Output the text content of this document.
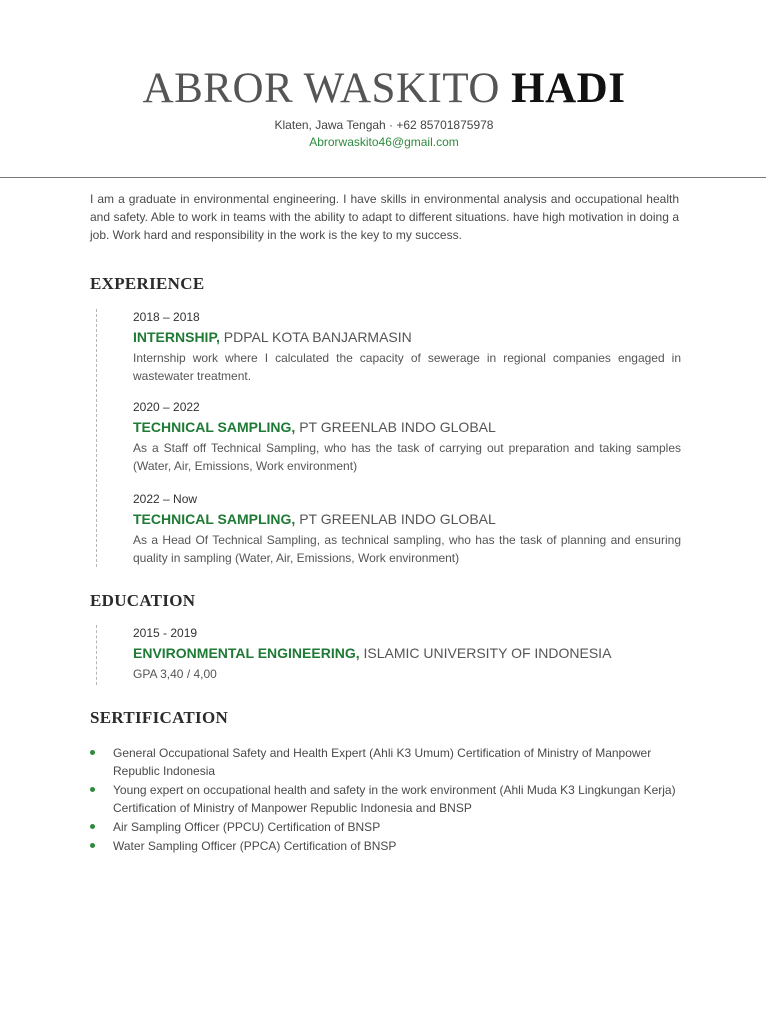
ABROR WASKITO HADI
Klaten, Jawa Tengah · +62 85701875978
Abrorwaskito46@gmail.com
I am a graduate in environmental engineering. I have skills in environmental analysis and occupational health and safety. Able to work in teams with the ability to adapt to different situations. have high motivation in doing a job. Work hard and responsibility in the work is the key to my success.
EXPERIENCE
2018 – 2018
INTERNSHIP, PDPAL KOTA BANJARMASIN
Internship work where I calculated the capacity of sewerage in regional companies engaged in wastewater treatment.
2020 – 2022
TECHNICAL SAMPLING, PT GREENLAB INDO GLOBAL
As a Staff off Technical Sampling, who has the task of carrying out preparation and taking samples (Water, Air, Emissions, Work environment)
2022 – Now
TECHNICAL SAMPLING, PT GREENLAB INDO GLOBAL
As a Head Of Technical Sampling, as technical sampling, who has the task of planning and ensuring quality in sampling (Water, Air, Emissions, Work environment)
EDUCATION
2015 - 2019
ENVIRONMENTAL ENGINEERING, ISLAMIC UNIVERSITY OF INDONESIA
GPA 3,40 / 4,00
SERTIFICATION
General Occupational Safety and Health Expert (Ahli K3 Umum) Certification of Ministry of Manpower Republic Indonesia
Young expert on occupational health and safety in the work environment (Ahli Muda K3 Lingkungan Kerja) Certification of Ministry of Manpower Republic Indonesia and BNSP
Air Sampling Officer (PPCU) Certification of BNSP
Water Sampling Officer (PPCA) Certification of BNSP
